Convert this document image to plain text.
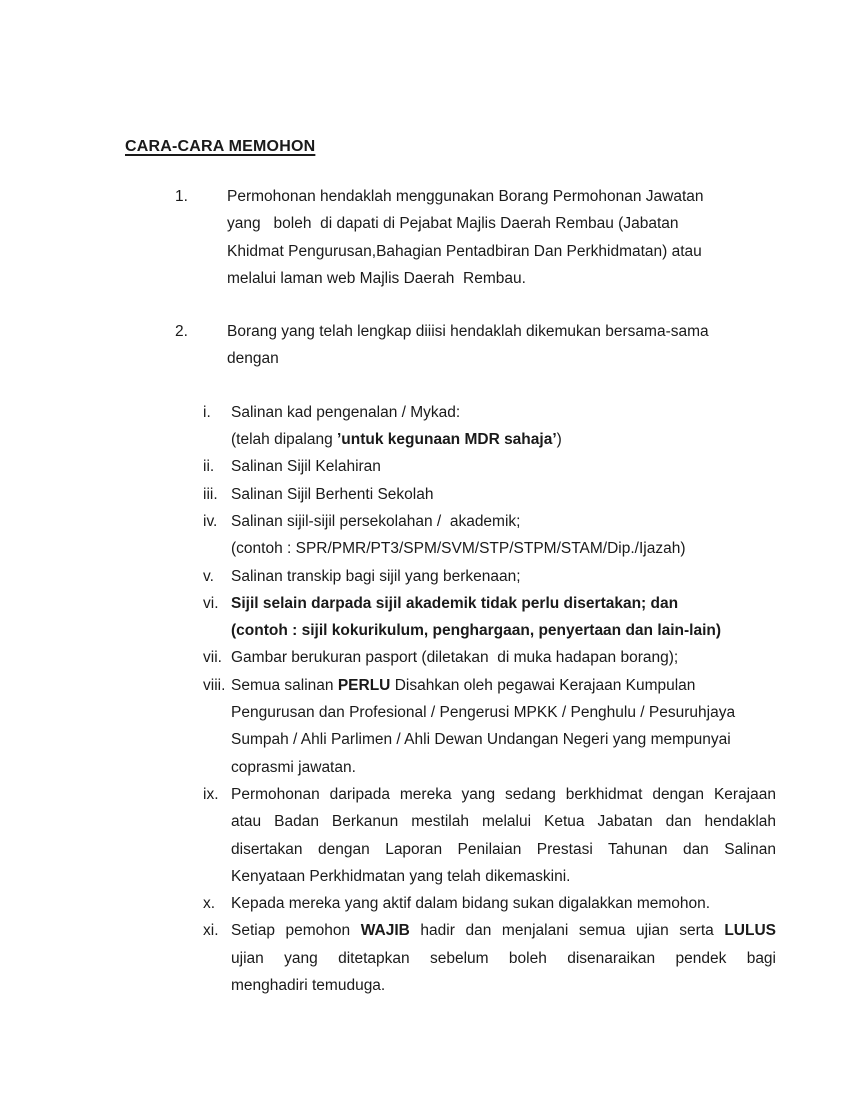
CARA-CARA MEMOHON
1.	Permohonan hendaklah menggunakan Borang Permohonan Jawatan
yang   boleh  di dapati di Pejabat Majlis Daerah Rembau (Jabatan
Khidmat Pengurusan,Bahagian Pentadbiran Dan Perkhidmatan) atau
melalui laman web Majlis Daerah  Rembau.
2.	Borang yang telah lengkap diiisi hendaklah dikemukan bersama-sama
dengan
i.	Salinan kad pengenalan / Mykad:
(telah dipalang ’untuk kegunaan MDR sahaja’)
ii.	Salinan Sijil Kelahiran
iii. Salinan Sijil Berhenti Sekolah
iv. Salinan sijil-sijil persekolahan /  akademik;
(contoh : SPR/PMR/PT3/SPM/SVM/STP/STPM/STAM/Dip./Ijazah)
v.	Salinan transkip bagi sijil yang berkenaan;
vi. Sijil selain darpada sijil akademik tidak perlu disertakan; dan
(contoh : sijil kokurikulum, penghargaan, penyertaan dan lain-lain)
vii. Gambar berukuran pasport (diletakan  di muka hadapan borang);
viii. Semua salinan PERLU Disahkan oleh pegawai Kerajaan Kumpulan
Pengurusan dan Profesional / Pengerusi MPKK / Penghulu / Pesuruhjaya
Sumpah / Ahli Parlimen / Ahli Dewan Undangan Negeri yang mempunyai
coprasmi jawatan.
ix. Permohonan daripada mereka yang sedang berkhidmat dengan Kerajaan
atau Badan Berkanun mestilah melalui Ketua Jabatan dan hendaklah
disertakan dengan Laporan Penilaian Prestasi Tahunan dan Salinan
Kenyataan Perkhidmatan yang telah dikemaskini.
x.	Kepada mereka yang aktif dalam bidang sukan digalakkan memohon.
xi. Setiap pemohon WAJIB hadir dan menjalani semua ujian serta LULUS
ujian yang ditetapkan sebelum boleh disenaraikan pendek bagi
menghadiri temuduga.
